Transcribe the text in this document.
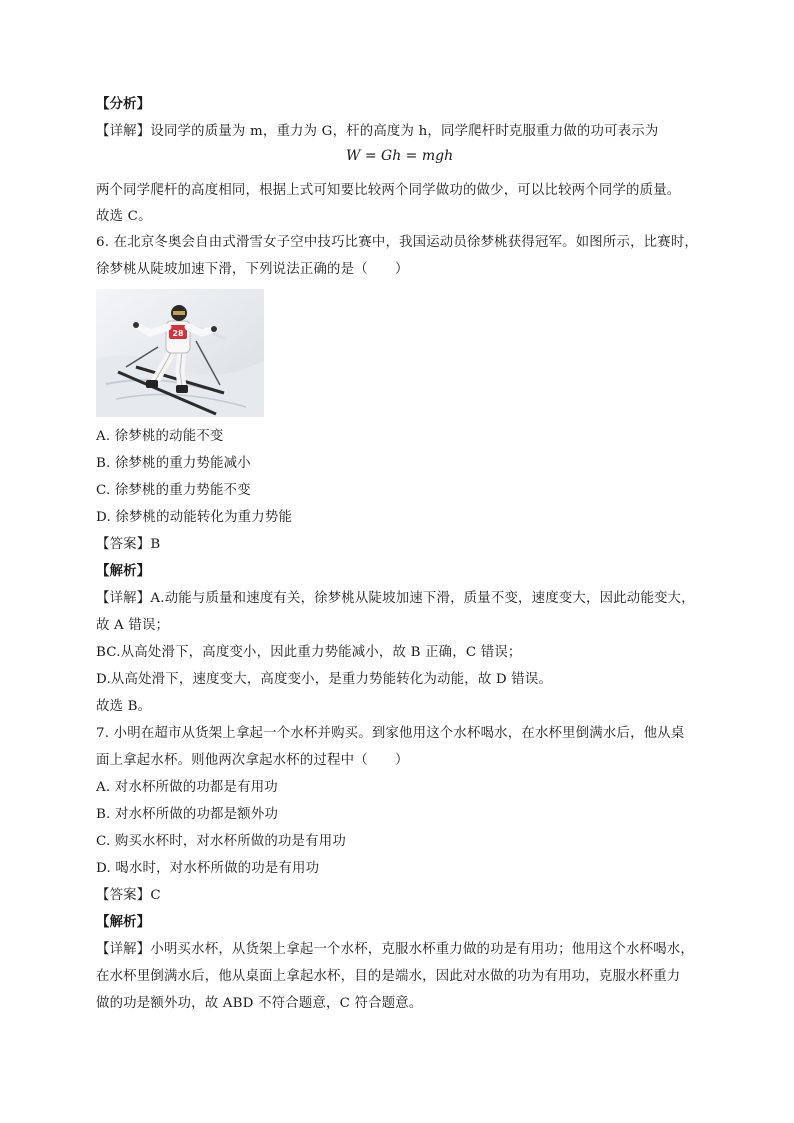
【分析】
【详解】设同学的质量为 m，重力为 G，杆的高度为 h，同学爬杆时克服重力做的功可表示为
W = Gh = mgh
两个同学爬杆的高度相同，根据上式可知要比较两个同学做功的做少，可以比较两个同学的质量。
故选 C。
6. 在北京冬奥会自由式滑雪女子空中技巧比赛中，我国运动员徐梦桃获得冠军。如图所示，比赛时，
徐梦桃从陡坡加速下滑，下列说法正确的是（　　）
28
A. 徐梦桃的动能不变
B. 徐梦桃的重力势能减小
C. 徐梦桃的重力势能不变
D. 徐梦桃的动能转化为重力势能
【答案】B
【解析】
【详解】A.动能与质量和速度有关，徐梦桃从陡坡加速下滑，质量不变，速度变大，因此动能变大，
故 A 错误；
BC.从高处滑下，高度变小，因此重力势能减小，故 B 正确，C 错误；
D.从高处滑下，速度变大，高度变小，是重力势能转化为动能，故 D 错误。
故选 B。
7. 小明在超市从货架上拿起一个水杯并购买。到家他用这个水杯喝水，在水杯里倒满水后，他从桌
面上拿起水杯。则他两次拿起水杯的过程中（　　）
A. 对水杯所做的功都是有用功
B. 对水杯所做的功都是额外功
C. 购买水杯时，对水杯所做的功是有用功
D. 喝水时，对水杯所做的功是有用功
【答案】C
【解析】
【详解】小明买水杯，从货架上拿起一个水杯，克服水杯重力做的功是有用功；他用这个水杯喝水，
在水杯里倒满水后，他从桌面上拿起水杯，目的是端水，因此对水做的功为有用功，克服水杯重力
做的功是额外功，故 ABD 不符合题意，C 符合题意。
